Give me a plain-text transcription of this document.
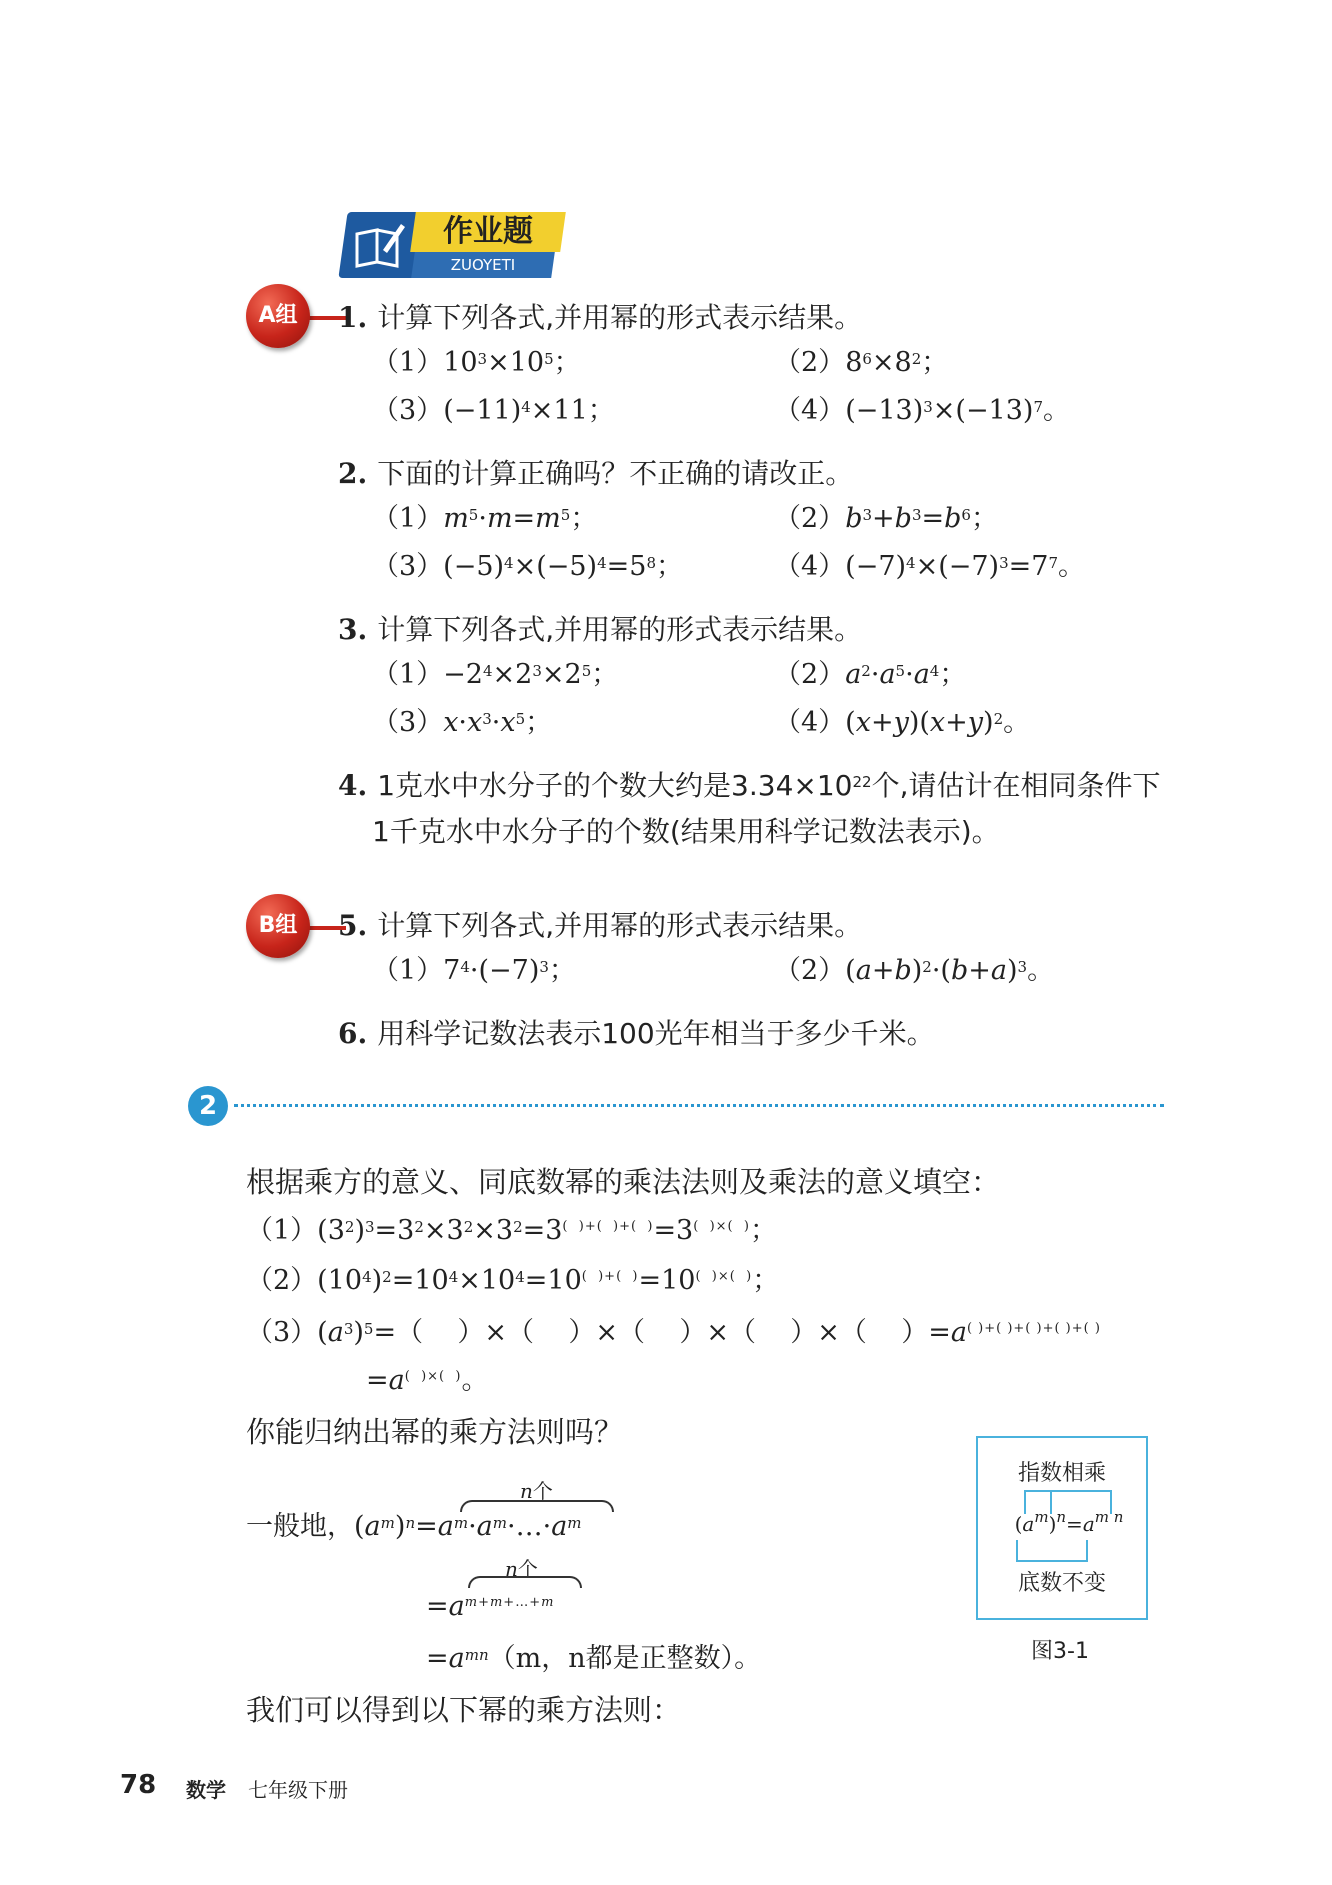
作业题
ZUOYETI
A组	1. 计算下列各式,并用幂的形式表示结果。
$(1)10^3\times 10^5$；	$(2)8^6\times 8^2$；
$(3)(-11)^4\times 11$；	$(4)(-13)^3\times(-13)^7$。
2. 下面的计算正确吗？不正确的请改正。
$(1)m^5\cdot m=m^5$；	$(2)b^3+b^3=b^6$；
$(3)(-5)^4\times(-5)^4=5^8$；	$(4)(-7)^4\times(-7)^3=7^7$。
3. 计算下列各式,并用幂的形式表示结果。
$(1)-2^4\times 2^3\times 2^5$；	$(2)a^2\cdot a^5\cdot a^4$；
$(3)x\cdot x^3\cdot x^5$；	$(4)(x+y)(x+y)^2$。
4. 1克水中水分子的个数大约是$3.34\times 10^{22}$个,请估计在相同条件下
1千克水中水分子的个数(结果用科学记数法表示)。
B组	5. 计算下列各式,并用幂的形式表示结果。
$(1)7^4\cdot(-7)^3$；	$(2)(a+b)^2\cdot(b+a)^3$。
6. 用科学记数法表示100光年相当于多少千米。
2
根据乘方的意义、同底数幂的乘法法则及乘法的意义填空：
$(1)(3^2)^3=3^2\times 3^2\times 3^2=3^{( )+( )+( )}=3^{( )\times( )}$；
$(2)(10^4)^2=10^4\times 10^4=10^{( )+( )}=10^{( )\times( )}$；
$(3)(a^3)^5=$（    ）×（    ）×（    ）×（    ）×（    ）=a( )+( )+( )+( )+( )
=a(  )×(  )。
你能归纳出幂的乘方法则吗？
n个
一般地，$(a^m)^n=a^m\cdot a^m\cdot\dots\cdot a^m$
n个
$=a^{m+m+\dots+m}$
$=a^{mn}(m$，n都是正整数）。
我们可以得到以下幂的乘方法则：
指数相乘
$(a^m)^n=a^{m n}$
底数不变
图3-1
78 数学 七年级下册
